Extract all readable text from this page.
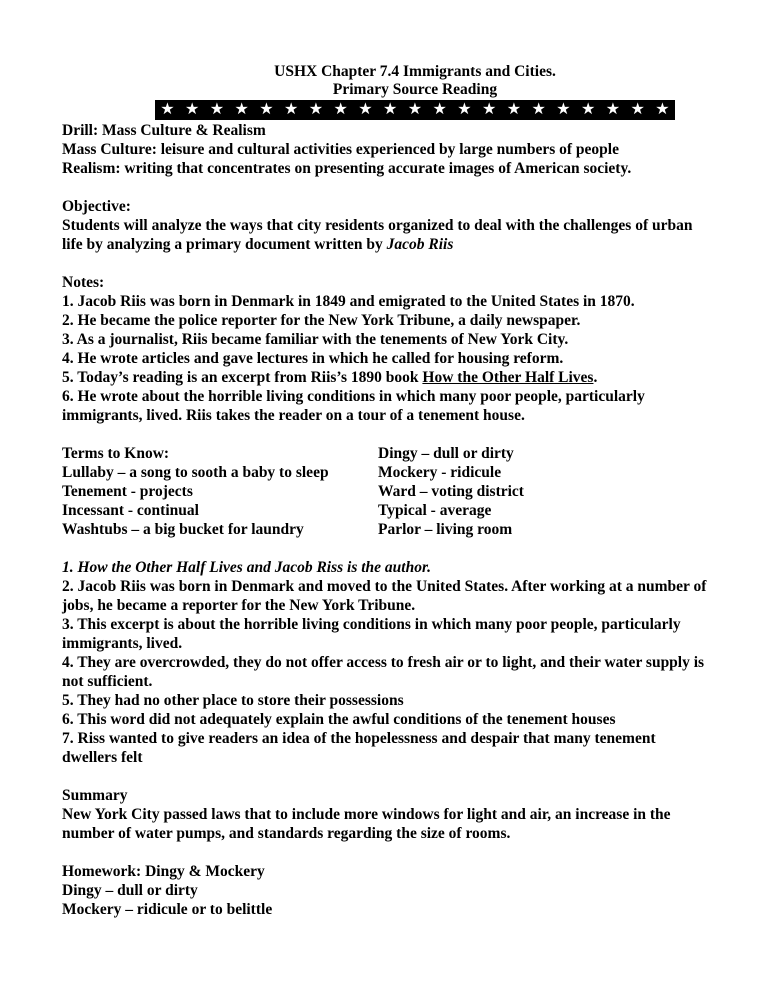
USHX Chapter 7.4 Immigrants and Cities.
Primary Source Reading
★ ★ ★ ★ ★ ★ ★ ★ ★ ★ ★ ★ ★ ★ ★ ★ ★ ★ ★ ★ ★
Drill: Mass Culture & Realism
Mass Culture: leisure and cultural activities experienced by large numbers of people
Realism: writing that concentrates on presenting accurate images of American society.
Objective:
Students will analyze the ways that city residents organized to deal with the challenges of urban life by analyzing a primary document written by Jacob Riis
Notes:
1. Jacob Riis was born in Denmark in 1849 and emigrated to the United States in 1870.
2. He became the police reporter for the New York Tribune, a daily newspaper.
3. As a journalist, Riis became familiar with the tenements of New York City.
4. He wrote articles and gave lectures in which he called for housing reform.
5. Today’s reading is an excerpt from Riis’s 1890 book How the Other Half Lives.
6. He wrote about the horrible living conditions in which many poor people, particularly immigrants, lived. Riis takes the reader on a tour of a tenement house.
Terms to Know:
Lullaby – a song to sooth a baby to sleep
Tenement - projects
Incessant - continual
Washtubs – a big bucket for laundry
Dingy – dull or dirty
Mockery - ridicule
Ward – voting district
Typical - average
Parlor – living room
1. How the Other Half Lives and Jacob Riss is the author.
2. Jacob Riis was born in Denmark and moved to the United States. After working at a number of jobs, he became a reporter for the New York Tribune.
3. This excerpt is about the horrible living conditions in which many poor people, particularly immigrants, lived.
4. They are overcrowded, they do not offer access to fresh air or to light, and their water supply is not sufficient.
5. They had no other place to store their possessions
6. This word did not adequately explain the awful conditions of the tenement houses
7. Riss wanted to give readers an idea of the hopelessness and despair that many tenement dwellers felt
Summary
New York City passed laws that to include more windows for light and air, an increase in the number of water pumps, and standards regarding the size of rooms.
Homework: Dingy & Mockery
Dingy – dull or dirty
Mockery – ridicule or to belittle
